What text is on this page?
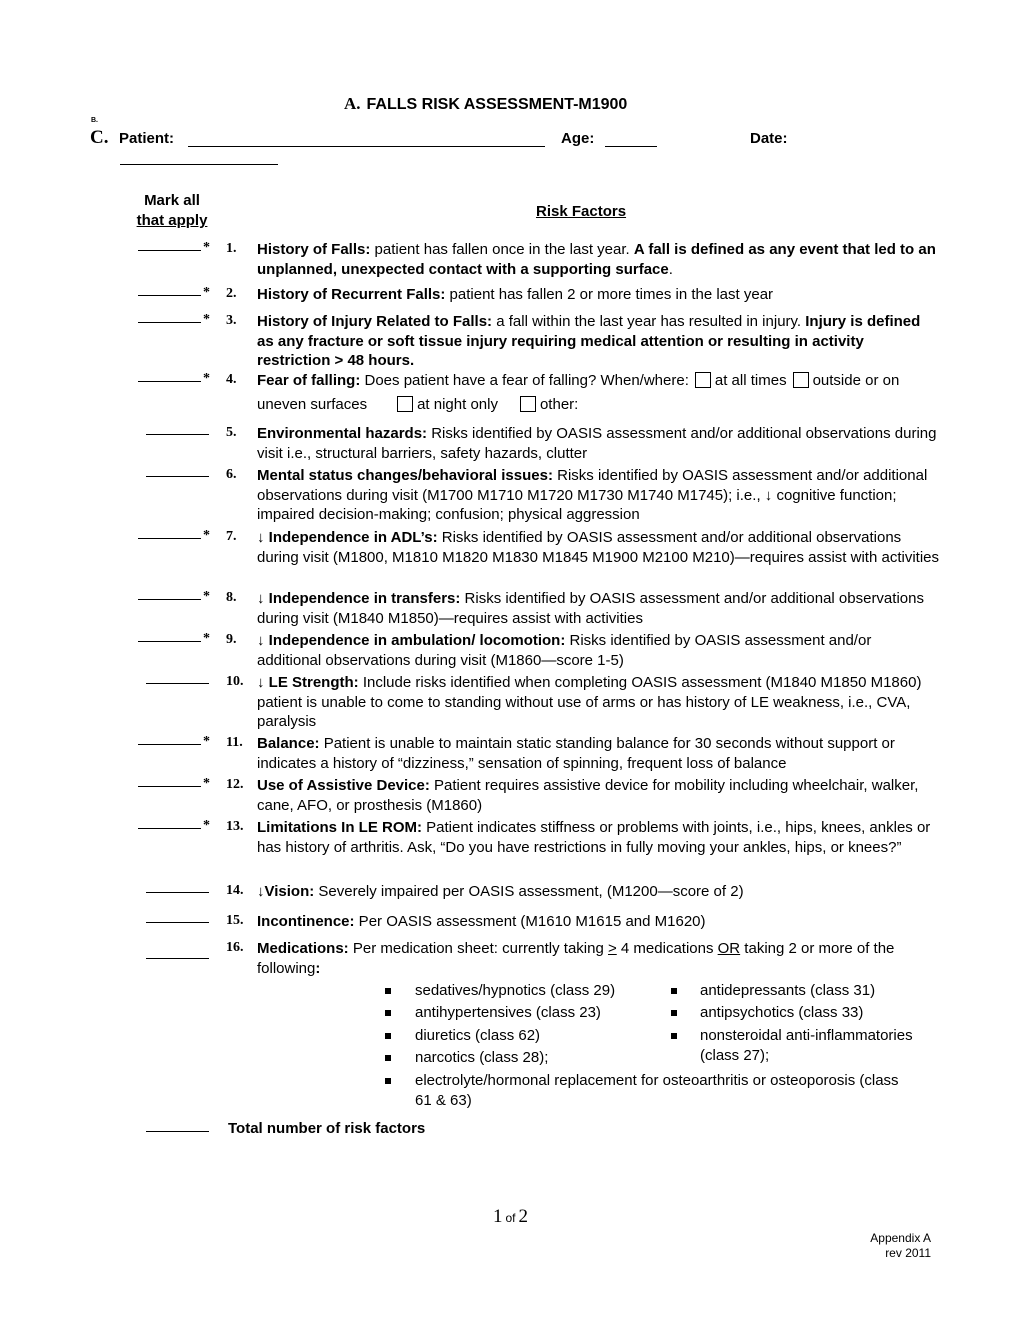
A. FALLS RISK ASSESSMENT-M1900
B.
C. Patient:	Age:	Date:
Mark all
that apply
Risk Factors
* 1. History of Falls: patient has fallen once in the last year. A fall is defined as any event that led to an unplanned, unexpected contact with a supporting surface.
* 2. History of Recurrent Falls: patient has fallen 2 or more times in the last year
* 3. History of Injury Related to Falls: a fall within the last year has resulted in injury. Injury is defined as any fracture or soft tissue injury requiring medical attention or resulting in activity restriction > 48 hours.
* 4. Fear of falling: Does patient have a fear of falling? When/where: at all times outside or on uneven surfaces	at night only	other:
5. Environmental hazards: Risks identified by OASIS assessment and/or additional observations during visit i.e., structural barriers, safety hazards, clutter
6. Mental status changes/behavioral issues: Risks identified by OASIS assessment and/or additional observations during visit (M1700 M1710 M1720 M1730 M1740 M1745); i.e., ↓ cognitive function; impaired decision-making; confusion; physical aggression
* 7. ↓ Independence in ADL’s: Risks identified by OASIS assessment and/or additional observations during visit (M1800, M1810 M1820 M1830 M1845 M1900 M2100 M210)—requires assist with activities
* 8. ↓ Independence in transfers: Risks identified by OASIS assessment and/or additional observations during visit (M1840 M1850)—requires assist with activities
* 9. ↓ Independence in ambulation/ locomotion: Risks identified by OASIS assessment and/or additional observations during visit (M1860—score 1-5)
10. ↓ LE Strength: Include risks identified when completing OASIS assessment (M1840 M1850 M1860) patient is unable to come to standing without use of arms or has history of LE weakness, i.e., CVA, paralysis
* 11. Balance: Patient is unable to maintain static standing balance for 30 seconds without support or indicates a history of “dizziness,” sensation of spinning, frequent loss of balance
* 12. Use of Assistive Device: Patient requires assistive device for mobility including wheelchair, walker, cane, AFO, or prosthesis (M1860)
* 13. Limitations In LE ROM: Patient indicates stiffness or problems with joints, i.e., hips, knees, ankles or has history of arthritis. Ask, “Do you have restrictions in fully moving your ankles, hips, or knees?”
14. ↓Vision: Severely impaired per OASIS assessment, (M1200—score of 2)
15. Incontinence: Per OASIS assessment (M1610 M1615 and M1620)
16. Medications: Per medication sheet: currently taking ≥ 4 medications OR taking 2 or more of the following:
sedatives/hypnotics (class 29)
antihypertensives (class 23)
diuretics (class 62)
narcotics (class 28);
antidepressants (class 31)
antipsychotics (class 33)
nonsteroidal anti-inflammatories (class 27);
electrolyte/hormonal replacement for osteoarthritis or osteoporosis (class 61 & 63)
Total number of risk factors
1 of 2
Appendix A
rev 2011
